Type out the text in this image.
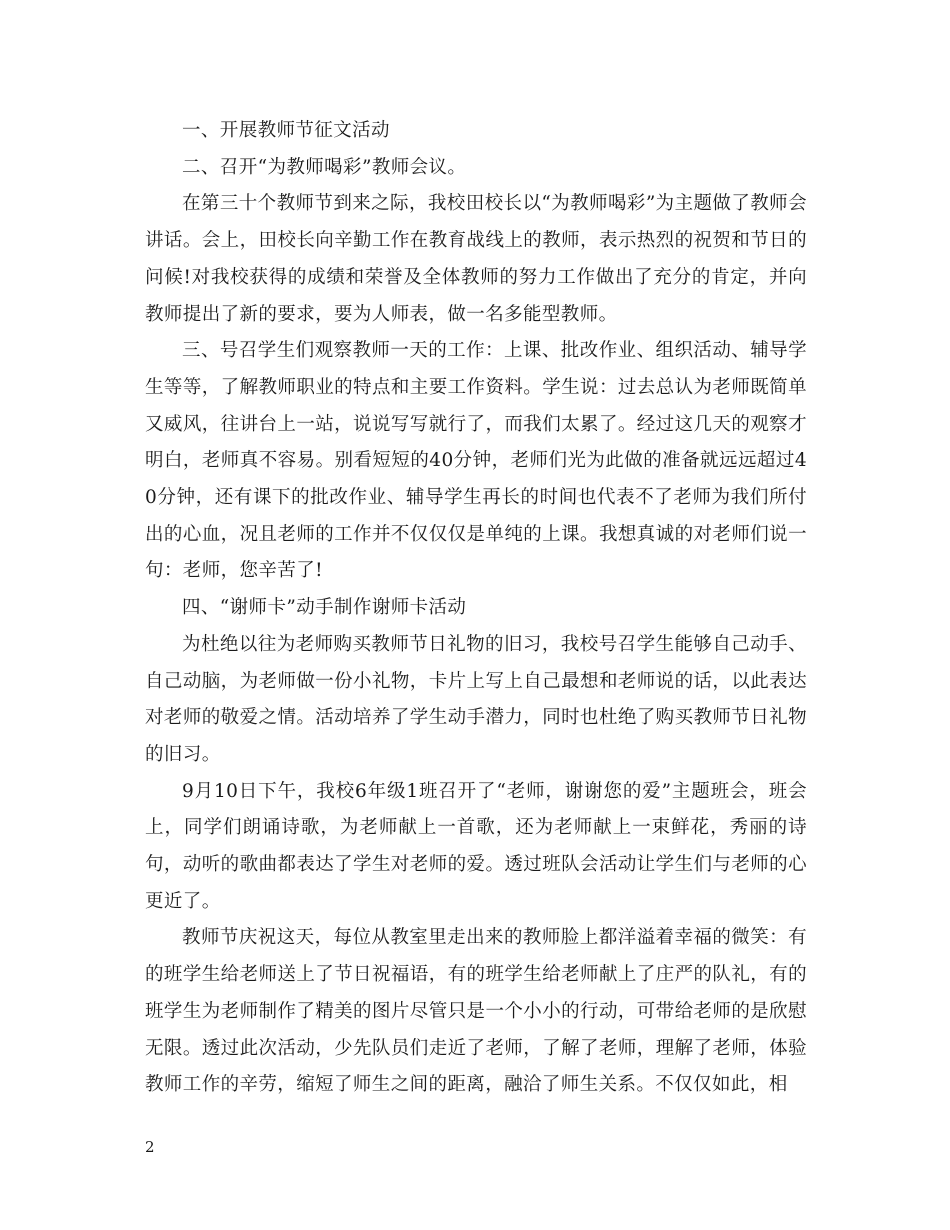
一、开展教师节征文活动

二、召开“为教师喝彩”教师会议。

在第三十个教师节到来之际，我校田校长以“为教师喝彩”为主题做了教师会讲话。会上，田校长向辛勤工作在教育战线上的教师，表示热烈的祝贺和节日的问候!对我校获得的成绩和荣誉及全体教师的努力工作做出了充分的肯定，并向教师提出了新的要求，要为人师表，做一名多能型教师。

三、号召学生们观察教师一天的工作：上课、批改作业、组织活动、辅导学生等等，了解教师职业的特点和主要工作资料。学生说：过去总认为老师既简单又威风，往讲台上一站，说说写写就行了，而我们太累了。经过这几天的观察才明白，老师真不容易。别看短短的40分钟，老师们光为此做的准备就远远超过40分钟，还有课下的批改作业、辅导学生再长的时间也代表不了老师为我们所付出的心血，况且老师的工作并不仅仅仅是单纯的上课。我想真诚的对老师们说一句：老师，您辛苦了!

四、“谢师卡”动手制作谢师卡活动

为杜绝以往为老师购买教师节日礼物的旧习，我校号召学生能够自己动手、自己动脑，为老师做一份小礼物，卡片上写上自己最想和老师说的话，以此表达对老师的敬爱之情。活动培养了学生动手潜力，同时也杜绝了购买教师节日礼物的旧习。

9月10日下午，我校6年级1班召开了“老师，谢谢您的爱”主题班会，班会上，同学们朗诵诗歌，为老师献上一首歌，还为老师献上一束鲜花，秀丽的诗句，动听的歌曲都表达了学生对老师的爱。透过班队会活动让学生们与老师的心更近了。

教师节庆祝这天，每位从教室里走出来的教师脸上都洋溢着幸福的微笑：有的班学生给老师送上了节日祝福语，有的班学生给老师献上了庄严的队礼，有的班学生为老师制作了精美的图片尽管只是一个小小的行动，可带给老师的是欣慰无限。透过此次活动，少先队员们走近了老师，了解了老师，理解了老师，体验教师工作的辛劳，缩短了师生之间的距离，融洽了师生关系。不仅仅如此，相

2
